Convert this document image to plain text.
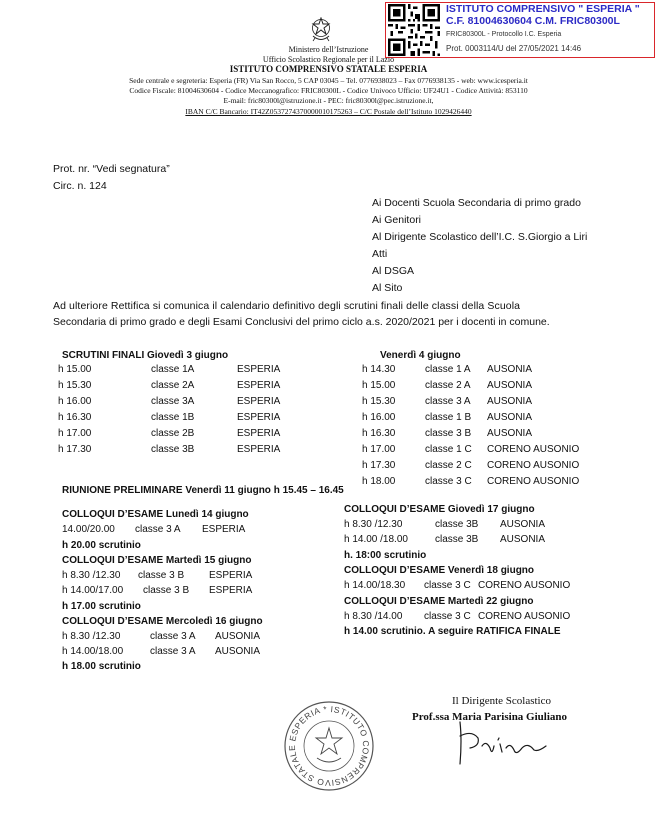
ISTITUTO COMPRENSIVO " ESPERIA "
C.F. 81004630604 C.M. FRIC80300L
FRIC80300L - Protocollo I.C. Esperia
Prot. 0003114/U del 27/05/2021 14:46
Ministero dell’Istruzione
Ufficio Scolastico Regionale per il Lazio
ISTITUTO COMPRENSIVO STATALE ESPERIA
Sede centrale e segreteria: Esperia (FR) Via San Rocco, 5 CAP 03045 – Tel. 0776938023 – Fax 0776938135 - web: www.icesperia.it
Codice Fiscale: 81004630604 - Codice Meccanografico: FRIC80300L - Codice Univoco Ufficio: UF24U1 - Codice Attività: 853110
E-mail: fric80300l@istruzione.it - PEC: fric80300l@pec.istruzione.it,
IBAN C/C Bancario: IT42Z0537274370000010175263 – C/C Postale dell’Istituto 1029426440
Prot. nr. “Vedi segnatura”
Circ. n. 124
Ai Docenti Scuola Secondaria di primo grado
Ai Genitori
Al Dirigente Scolastico dell’I.C. S.Giorgio a Liri
Atti
Al DSGA
Al Sito
Ad ulteriore Rettifica si comunica il calendario definitivo degli scrutini finali delle classi della Scuola
Secondaria di primo grado e degli Esami Conclusivi del primo ciclo a.s. 2020/2021 per i docenti in comune.
SCRUTINI FINALI Giovedì 3 giugno
h 15.00	classe 1A	ESPERIA
h 15.30	classe 2A	ESPERIA
h 16.00	classe 3A	ESPERIA
h 16.30	classe 1B	ESPERIA
h 17.00	classe 2B	ESPERIA
h 17.30	classe 3B	ESPERIA
Venerdì 4 giugno
h 14.30	classe 1 A AUSONIA
h 15.00	classe 2 A AUSONIA
h 15.30	classe 3 A AUSONIA
h 16.00	classe 1 B AUSONIA
h 16.30	classe 3 B AUSONIA
h 17.00	classe 1 C CORENO AUSONIO
h 17.30	classe 2 C CORENO AUSONIO
h 18.00	classe 3 C CORENO AUSONIO
RIUNIONE PRELIMINARE Venerdì 11 giugno h 15.45 – 16.45
COLLOQUI D’ESAME Lunedì 14 giugno
14.00/20.00 classe 3 A ESPERIA
h 20.00 scrutinio
COLLOQUI D’ESAME Martedì 15 giugno
h 8.30 /12.30 classe 3 B ESPERIA
h 14.00/17.00 classe 3 B ESPERIA
h 17.00 scrutinio
COLLOQUI D’ESAME Mercoledì 16 giugno
h 8.30 /12.30	classe 3 A AUSONIA
h 14.00/18.00	classe 3 A AUSONIA
h 18.00 scrutinio
COLLOQUI D’ESAME Giovedì 17 giugno
h 8.30 /12.30	classe 3B AUSONIA
h 14.00 /18.00	classe 3B AUSONIA
h. 18:00 scrutinio
COLLOQUI D’ESAME Venerdì 18 giugno
h 14.00/18.30 classe 3 C CORENO AUSONIO
COLLOQUI D’ESAME Martedì 22 giugno
h 8.30 /14.00 classe 3 C CORENO AUSONIO
h 14.00 scrutinio. A seguire RATIFICA FINALE
Il Dirigente Scolastico
Prof.ssa Maria Parisina Giuliano
ESPERIA * ISTITUTO COMPRENSIVO STATALE
